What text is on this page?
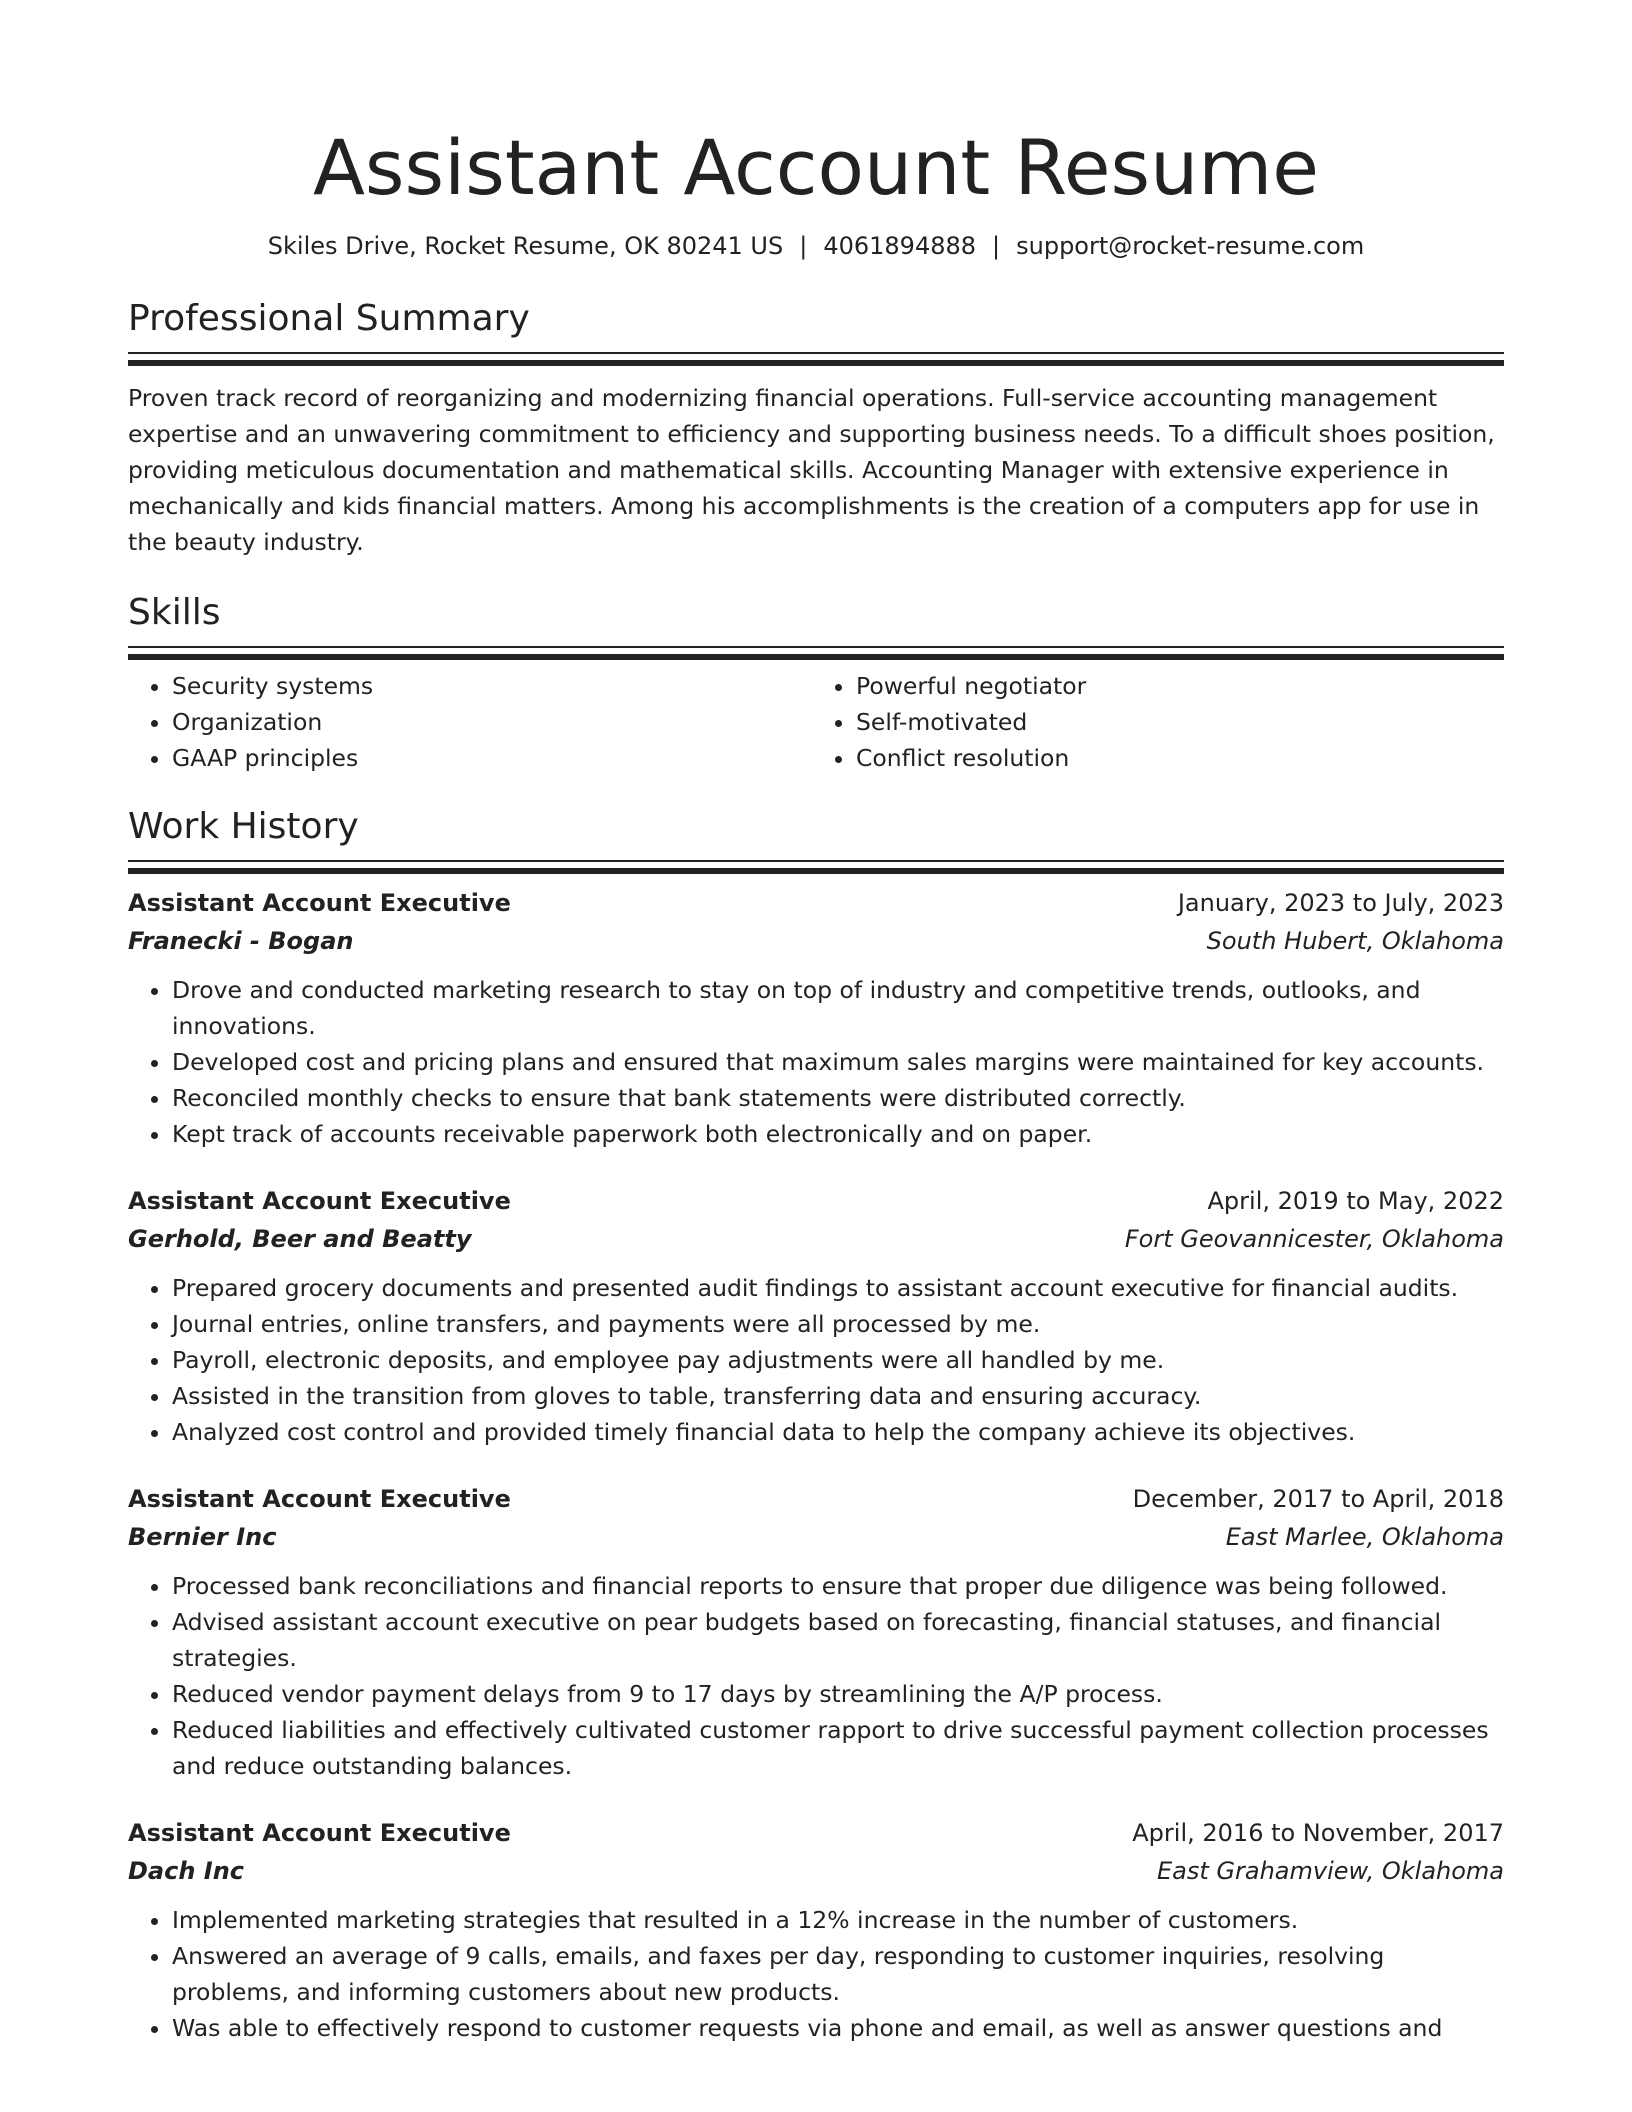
Assistant Account Resume
Skiles Drive, Rocket Resume, OK 80241 US | 4061894888 | support@rocket-resume.com
Professional Summary
Proven track record of reorganizing and modernizing financial operations. Full-service accounting management expertise and an unwavering commitment to efficiency and supporting business needs. To a difficult shoes position, providing meticulous documentation and mathematical skills. Accounting Manager with extensive experience in mechanically and kids financial matters. Among his accomplishments is the creation of a computers app for use in the beauty industry.
Skills
• Security systems
• Organization
• GAAP principles
• Powerful negotiator
• Self-motivated
• Conflict resolution
Work History
Assistant Account Executive	January, 2023 to July, 2023
Franecki - Bogan	South Hubert, Oklahoma
• Drove and conducted marketing research to stay on top of industry and competitive trends, outlooks, and innovations.
• Developed cost and pricing plans and ensured that maximum sales margins were maintained for key accounts.
• Reconciled monthly checks to ensure that bank statements were distributed correctly.
• Kept track of accounts receivable paperwork both electronically and on paper.
Assistant Account Executive	April, 2019 to May, 2022
Gerhold, Beer and Beatty	Fort Geovannicester, Oklahoma
• Prepared grocery documents and presented audit findings to assistant account executive for financial audits.
• Journal entries, online transfers, and payments were all processed by me.
• Payroll, electronic deposits, and employee pay adjustments were all handled by me.
• Assisted in the transition from gloves to table, transferring data and ensuring accuracy.
• Analyzed cost control and provided timely financial data to help the company achieve its objectives.
Assistant Account Executive	December, 2017 to April, 2018
Bernier Inc	East Marlee, Oklahoma
• Processed bank reconciliations and financial reports to ensure that proper due diligence was being followed.
• Advised assistant account executive on pear budgets based on forecasting, financial statuses, and financial strategies.
• Reduced vendor payment delays from 9 to 17 days by streamlining the A/P process.
• Reduced liabilities and effectively cultivated customer rapport to drive successful payment collection processes and reduce outstanding balances.
Assistant Account Executive	April, 2016 to November, 2017
Dach Inc	East Grahamview, Oklahoma
• Implemented marketing strategies that resulted in a 12% increase in the number of customers.
• Answered an average of 9 calls, emails, and faxes per day, responding to customer inquiries, resolving problems, and informing customers about new products.
• Was able to effectively respond to customer requests via phone and email, as well as answer questions and
